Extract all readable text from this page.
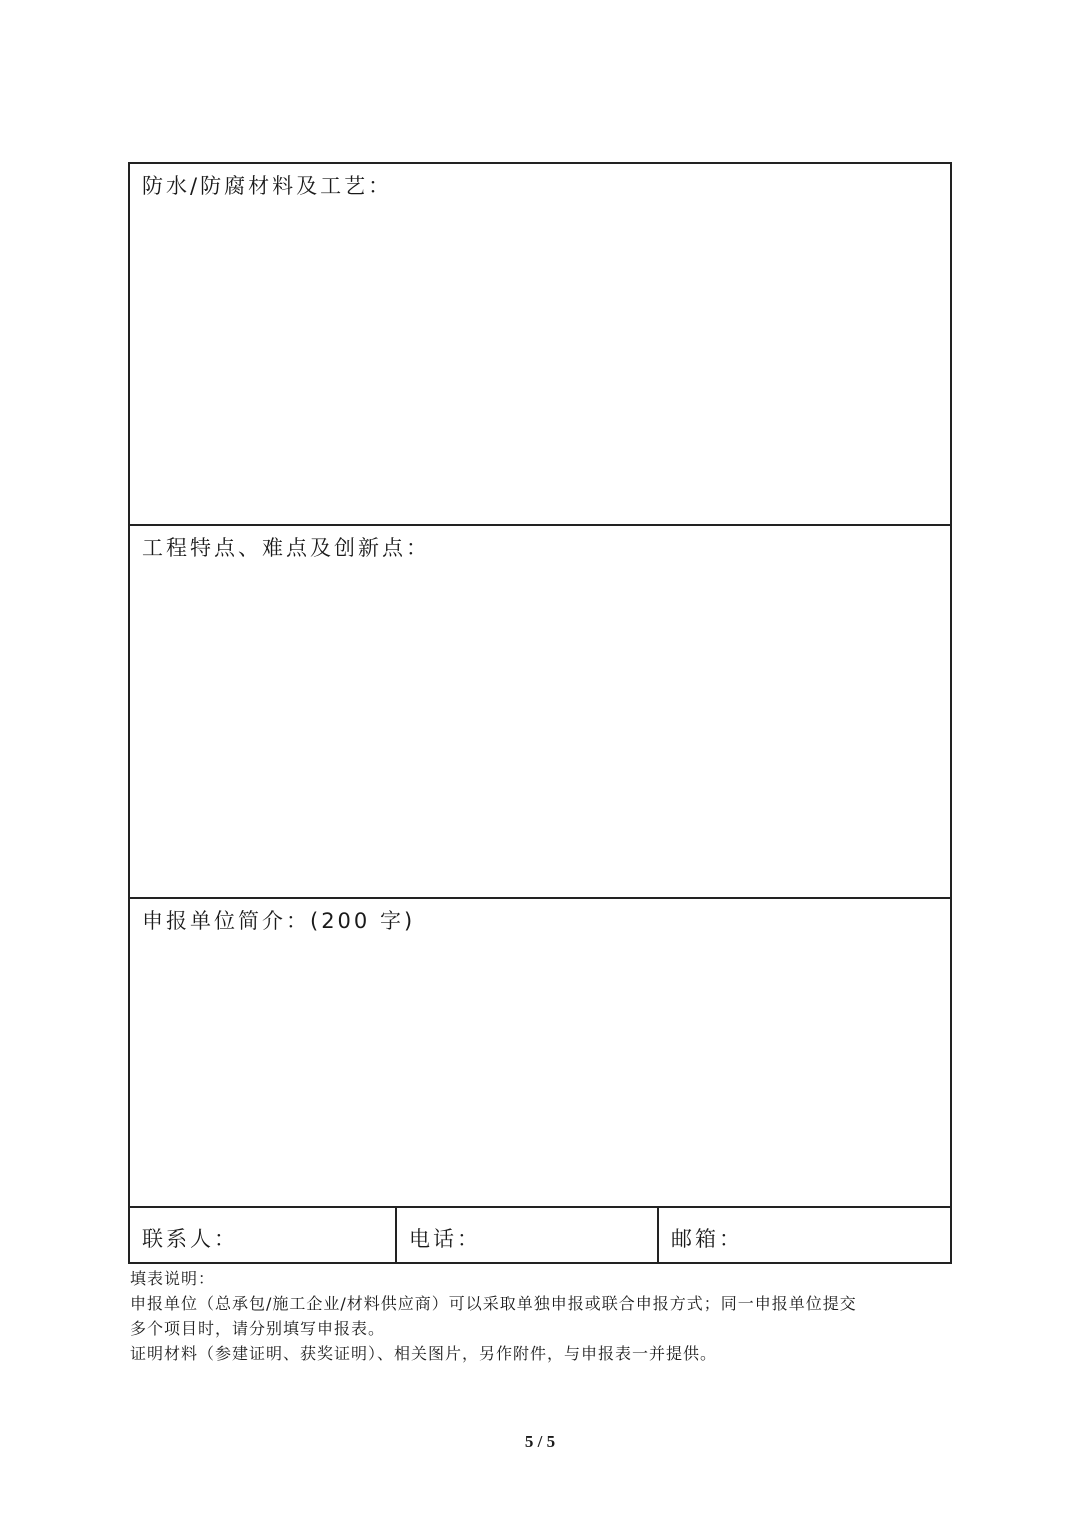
防水/防腐材料及工艺：
工程特点、难点及创新点：
申报单位简介：(200 字)
联系人：	电话：	邮箱：
填表说明：
申报单位（总承包/施工企业/材料供应商）可以采取单独申报或联合申报方式；同一申报单位提交
多个项目时，请分别填写申报表。
证明材料（参建证明、获奖证明）、相关图片，另作附件，与申报表一并提供。
5 / 5
